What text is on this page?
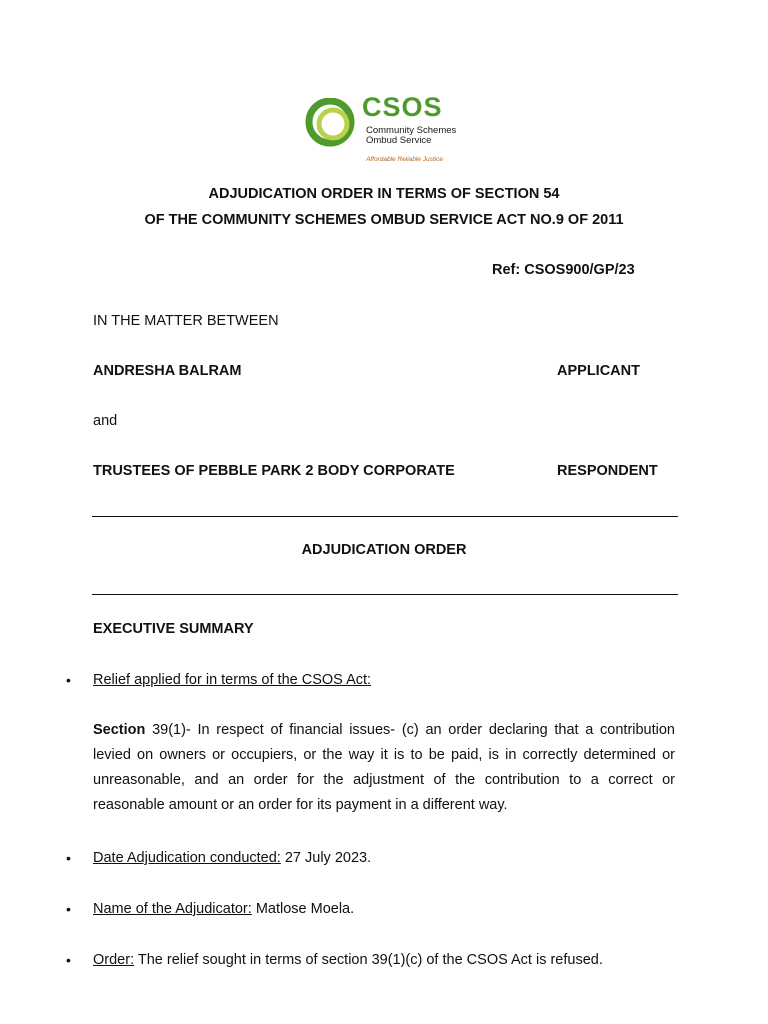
CSOS
Community Schemes
Ombud Service
Affordable Reliable Justice
ADJUDICATION ORDER IN TERMS OF SECTION 54
OF THE COMMUNITY SCHEMES OMBUD SERVICE ACT NO.9 OF 2011
Ref: CSOS900/GP/23
IN THE MATTER BETWEEN
ANDRESHA BALRAM	APPLICANT
and
TRUSTEES OF PEBBLE PARK 2 BODY CORPORATE	RESPONDENT
ADJUDICATION ORDER
EXECUTIVE SUMMARY
• Relief applied for in terms of the CSOS Act:
Section 39(1)- In respect of financial issues- (c) an order declaring that a contribution levied on owners or occupiers, or the way it is to be paid, is in correctly determined or unreasonable, and an order for the adjustment of the contribution to a correct or reasonable amount or an order for its payment in a different way.
• Date Adjudication conducted: 27 July 2023.
• Name of the Adjudicator: Matlose Moela.
• Order: The relief sought in terms of section 39(1)(c) of the CSOS Act is refused.
